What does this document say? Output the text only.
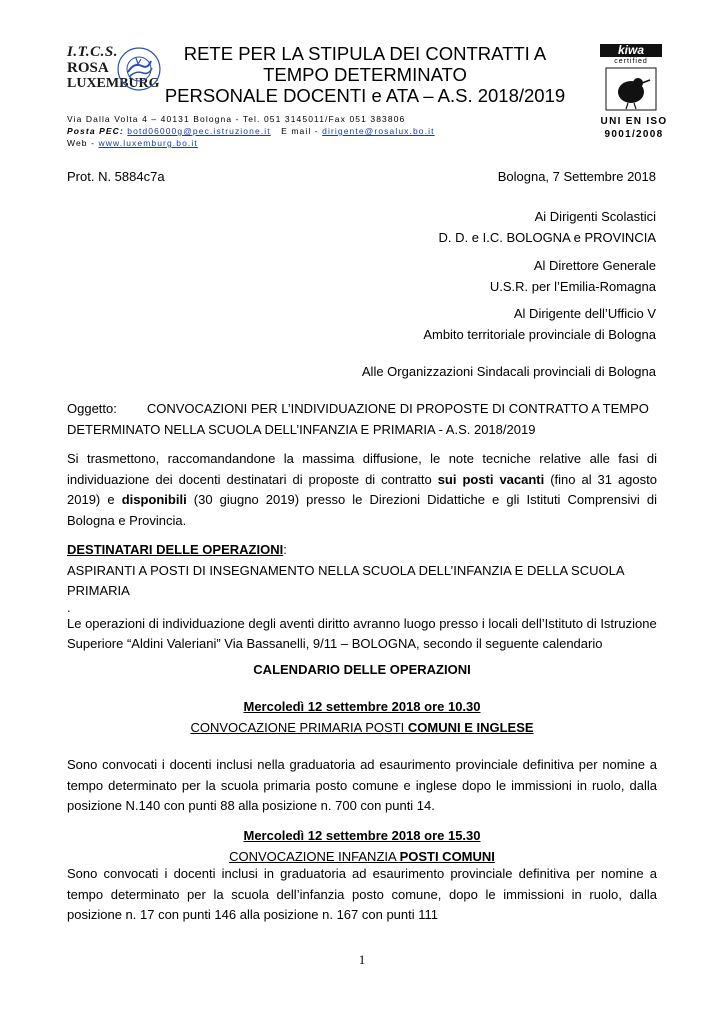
I.T.C.S.
ROSA
LUXEMBURG
RETE PER LA STIPULA DEI CONTRATTI A
TEMPO DETERMINATO
PERSONALE DOCENTI e ATA – A.S. 2018/2019
kiwa
certified
UNI EN ISO
9001/2008
Via Dalla Volta 4 – 40131 Bologna - Tel. 051 3145011/Fax 051 383806
Posta PEC: botd06000g@pec.istruzione.it E mail - dirigente@rosalux.bo.it
Web - www.luxemburg.bo.it
Prot. N. 5884c7a	Bologna, 7 Settembre 2018
Ai Dirigenti Scolastici
D. D. e I.C. BOLOGNA e PROVINCIA
Al Direttore Generale
U.S.R. per l’Emilia-Romagna
Al Dirigente dell’Ufficio V
Ambito territoriale provinciale di Bologna
Alle Organizzazioni Sindacali provinciali di Bologna
Oggetto: CONVOCAZIONI PER L’INDIVIDUAZIONE DI PROPOSTE DI CONTRATTO A TEMPO
DETERMINATO NELLA SCUOLA DELL’INFANZIA E PRIMARIA - A.S. 2018/2019
Si trasmettono, raccomandandone la massima diffusione, le note tecniche relative alle fasi di individuazione dei docenti destinatari di proposte di contratto sui posti vacanti (fino al 31 agosto 2019) e disponibili (30 giugno 2019) presso le Direzioni Didattiche e gli Istituti Comprensivi di Bologna e Provincia.
DESTINATARI DELLE OPERAZIONI:
ASPIRANTI A POSTI DI INSEGNAMENTO NELLA SCUOLA DELL’INFANZIA E DELLA SCUOLA PRIMARIA
.
Le operazioni di individuazione degli aventi diritto avranno luogo presso i locali dell’Istituto di Istruzione Superiore “Aldini Valeriani” Via Bassanelli, 9/11 – BOLOGNA, secondo il seguente calendario
CALENDARIO DELLE OPERAZIONI
Mercoledì 12 settembre 2018 ore 10.30
CONVOCAZIONE PRIMARIA POSTI COMUNI E INGLESE
Sono convocati i docenti inclusi nella graduatoria ad esaurimento provinciale definitiva per nomine a tempo determinato per la scuola primaria posto comune e inglese dopo le immissioni in ruolo, dalla posizione N.140 con punti 88 alla posizione n. 700 con punti 14.
Mercoledì 12 settembre 2018 ore 15.30
CONVOCAZIONE INFANZIA POSTI COMUNI
Sono convocati i docenti inclusi in graduatoria ad esaurimento provinciale definitiva per nomine a tempo determinato per la scuola dell’infanzia posto comune, dopo le immissioni in ruolo, dalla posizione n. 17 con punti 146 alla posizione n. 167 con punti 111
1
